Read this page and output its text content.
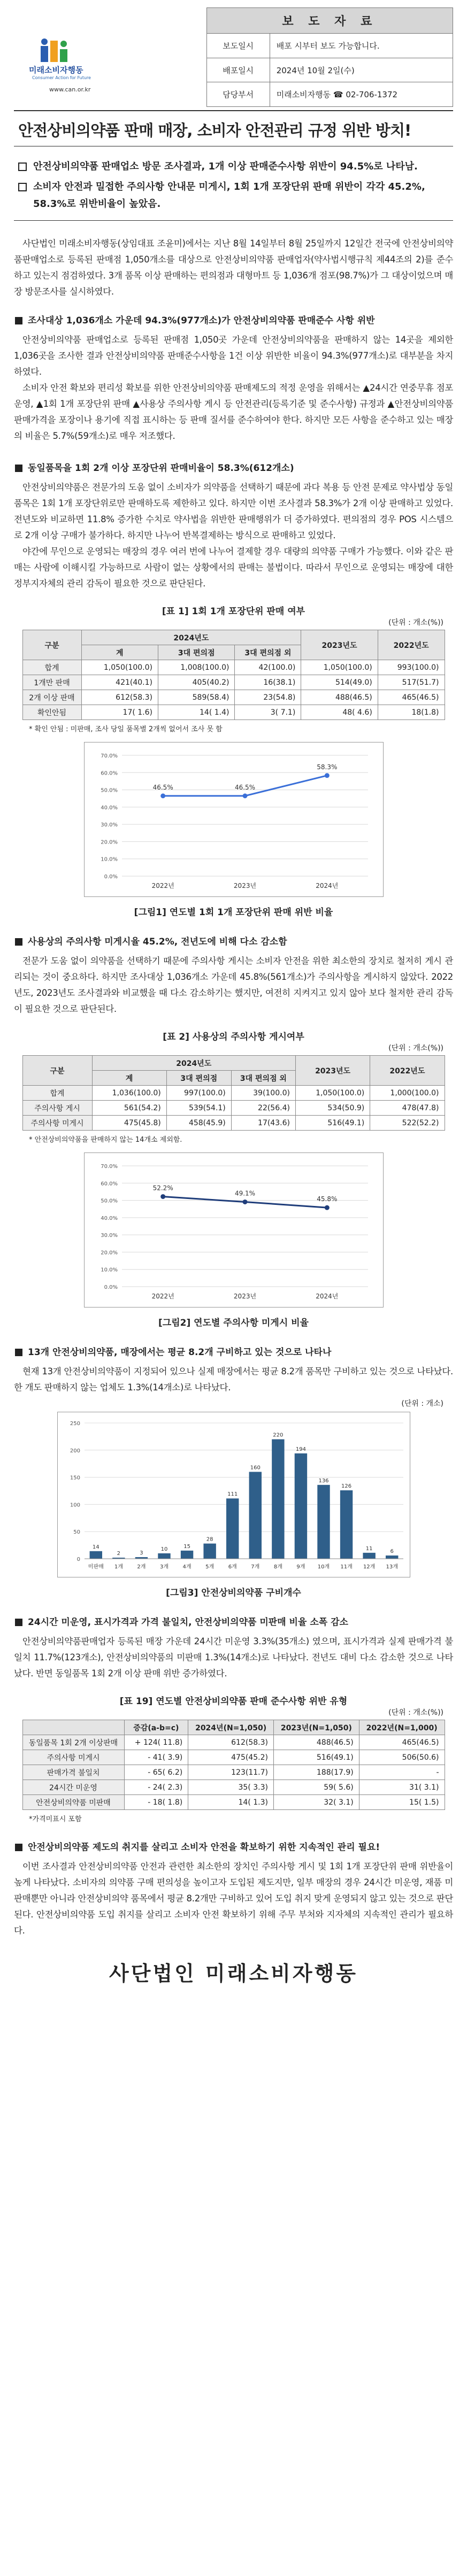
미래소비자행동
Consumer Action for Future
www.can.or.kr
보 도 자 료	
보도일시	배포 시부터 보도 가능합니다.
배포일시	2024년 10월 2일(수)
담당부서	미래소비자행동 ☎ 02-706-1372
안전상비의약품 판매 매장, 소비자 안전관리 규정 위반 방치!
안전상비의약품 판매업소 방문 조사결과, 1개 이상 판매준수사항 위반이 94.5%로 나타남.
소비자 안전과 밀접한 주의사항 안내문 미게시, 1회 1개 포장단위 판매 위반이 각각 45.2%, 58.3%로 위반비율이 높았음.

사단법인 미래소비자행동(상임대표 조윤미)에서는 지난 8월 14일부터 8월 25일까지 12일간 전국에 안전상비의약품판매업소로 등록된 판매점 1,050개소를 대상으로 안전상비의약품 판매업자(약사법시행규칙 제44조의 2)를 준수하고 있는지 점검하였다. 3개 품목 이상 판매하는 편의점과 대형마트 등 1,036개 점포(98.7%)가 그 대상이었으며 매장 방문조사를 실시하였다.

조사대상 1,036개소 가운데 94.3%(977개소)가 안전상비의약품 판매준수 사항 위반

안전상비의약품 판매업소로 등록된 판매점 1,050곳 가운데 안전상비의약품을 판매하지 않는 14곳을 제외한 1,036곳을 조사한 결과 안전상비의약품 판매준수사항을 1건 이상 위반한 비율이 94.3%(977개소)로 대부분을 차지하였다.

소비자 안전 확보와 편리성 확보를 위한 안전상비의약품 판매제도의 적정 운영을 위해서는 ▲24시간 연중무휴 점포운영, ▲1회 1개 포장단위 판매 ▲사용상 주의사항 게시 등 안전관리(등록기준 및 준수사항) 규정과 ▲안전상비의약품 판매가격을 포장이나 용기에 직접 표시하는 등 판매 질서를 준수하여야 한다. 하지만 모든 사항을 준수하고 있는 매장의 비율은 5.7%(59개소)로 매우 저조했다.

동일품목을 1회 2개 이상 포장단위 판매비율이 58.3%(612개소)

안전상비의약품은 전문가의 도움 없이 소비자가 의약품을 선택하기 때문에 과다 복용 등 안전 문제로 약사법상 동일품목은 1회 1개 포장단위로만 판매하도록 제한하고 있다. 하지만 이번 조사결과 58.3%가 2개 이상 판매하고 있었다. 전년도와 비교하면 11.8% 증가한 수치로 약사법을 위반한 판매행위가 더 증가하였다. 편의점의 경우 POS 시스템으로 2개 이상 구매가 불가하다. 하지만 나누어 반복결제하는 방식으로 판매하고 있었다.

야간에 무인으로 운영되는 매장의 경우 여러 번에 나누어 결제할 경우 대량의 의약품 구매가 가능했다. 이와 같은 판매는 사람에 이해시킬 가능하므로 사람이 없는 상황에서의 판매는 불법이다. 따라서 무인으로 운영되는 매장에 대한 정부지자체의 관리 감독이 필요한 것으로 판단된다.

[표 1] 1회 1개 포장단위 판매 여부
(단위 : 개소(%))
구분	2024년도			2023년도	2022년도
	계	3대 편의점	3대 편의점 외		
합계	1,050(100.0)	1,008(100.0)	42(100.0)	1,050(100.0)	993(100.0)
1개만 판매	421(40.1)	405(40.2)	16(38.1)	514(49.0)	517(51.7)
2개 이상 판매	612(58.3)	589(58.4)	23(54.8)	488(46.5)	465(46.5)
확인안됨	17( 1.6)	14( 1.4)	3( 7.1)	48( 4.6)	18(1.8)
* 확인 안됨 : 미판매, 조사 당일 품목별 2개씩 없어서 조사 못 함
0.0%
10.0%
20.0%
30.0%
40.0%
50.0%
60.0%
70.0%
46.5%
2022년
46.5%
2023년
58.3%
2024년
[그림1] 연도별 1회 1개 포장단위 판매 위반 비율
사용상의 주의사항 미게시율 45.2%, 전년도에 비해 다소 감소함

전문가 도움 없이 의약품을 선택하기 때문에 주의사항 게시는 소비자 안전을 위한 최소한의 장치로 철저히 게시 관리되는 것이 중요하다. 하지만 조사대상 1,036개소 가운데 45.8%(561개소)가 주의사항을 게시하지 않았다. 2022년도, 2023년도 조사결과와 비교했을 때 다소 감소하기는 했지만, 여전히 지켜지고 있지 않아 보다 철저한 관리 감독이 필요한 것으로 판단된다.

[표 2] 사용상의 주의사항 게시여부
(단위 : 개소(%))
구분	2024년도			2023년도	2022년도
	계	3대 편의점	3대 편의점 외		
합계	1,036(100.0)	997(100.0)	39(100.0)	1,050(100.0)	1,000(100.0)
주의사항 게시	561(54.2)	539(54.1)	22(56.4)	534(50.9)	478(47.8)
주의사항 미게시	475(45.8)	458(45.9)	17(43.6)	516(49.1)	522(52.2)
* 안전상비의약품을 판매하지 않는 14개소 제외함.
0.0%
10.0%
20.0%
30.0%
40.0%
50.0%
60.0%
70.0%
52.2%
2022년
49.1%
2023년
45.8%
2024년
[그림2] 연도별 주의사항 미게시 비율
13개 안전상비의약품, 매장에서는 평균 8.2개 구비하고 있는 것으로 나타나

현재 13개 안전상비의약품이 지정되어 있으나 실제 매장에서는 평균 8.2개 품목만 구비하고 있는 것으로 나타났다. 한 개도 판매하지 않는 업체도 1.3%(14개소)로 나타났다.

(단위 : 개소)
0
50
100
150
200
250
14
미판매
2
1개
3
2개
10
3개
15
4개
28
5개
111
6개
160
7개
220
8개
194
9개
136
10개
126
11개
11
12개
6
13개
[그림3] 안전상비의약품 구비개수
24시간 미운영, 표시가격과 가격 불일치, 안전상비의약품 미판매 비율 소폭 감소

안전상비의약품판매업자 등록된 매장 가운데 24시간 미운영 3.3%(35개소) 였으며, 표시가격과 실제 판매가격 불일치 11.7%(123개소), 안전상비의약품의 미판매 1.3%(14개소)로 나타났다. 전년도 대비 다소 감소한 것으로 나타났다. 반면 동일품목 1회 2개 이상 판매 위반 증가하였다.

[표 19] 연도별 안전상비의약품 판매 준수사항 위반 유형
(단위 : 개소(%))
	증감(a-b=c)	2024년(N=1,050)	2023년(N=1,050)	2022년(N=1,000)
동일품목 1회 2개 이상판매	+ 124( 11.8)	612(58.3)	488(46.5)	465(46.5)
주의사항 미게시	- 41( 3.9)	475(45.2)	516(49.1)	506(50.6)
판매가격 불일치	- 65( 6.2)	123(11.7)	188(17.9)	-
24시간 미운영	- 24( 2.3)	35( 3.3)	59( 5.6)	31( 3.1)
안전상비의약품 미판매	- 18( 1.8)	14( 1.3)	32( 3.1)	15( 1.5)
*가격미표시 포함
안전상비의약품 제도의 취지를 살리고 소비자 안전을 확보하기 위한 지속적인 관리 필요!

이번 조사결과 안전상비의약품 안전과 관련한 최소한의 장치인 주의사항 게시 및 1회 1개 포장단위 판매 위반율이 높게 나타났다. 소비자의 의약품 구매 편의성을 높이고자 도입된 제도지만, 일부 매장의 경우 24시간 미운영, 재품 미판매뿐만 아니라 안전상비의약 품목에서 평균 8.2개만 구비하고 있어 도입 취지 맞게 운영되지 않고 있는 것으로 판단된다. 안전상비의약품 도입 취지를 살리고 소비자 안전 확보하기 위해 주무 부처와 지자체의 지속적인 관리가 필요하다.

사단법인 미래소비자행동
